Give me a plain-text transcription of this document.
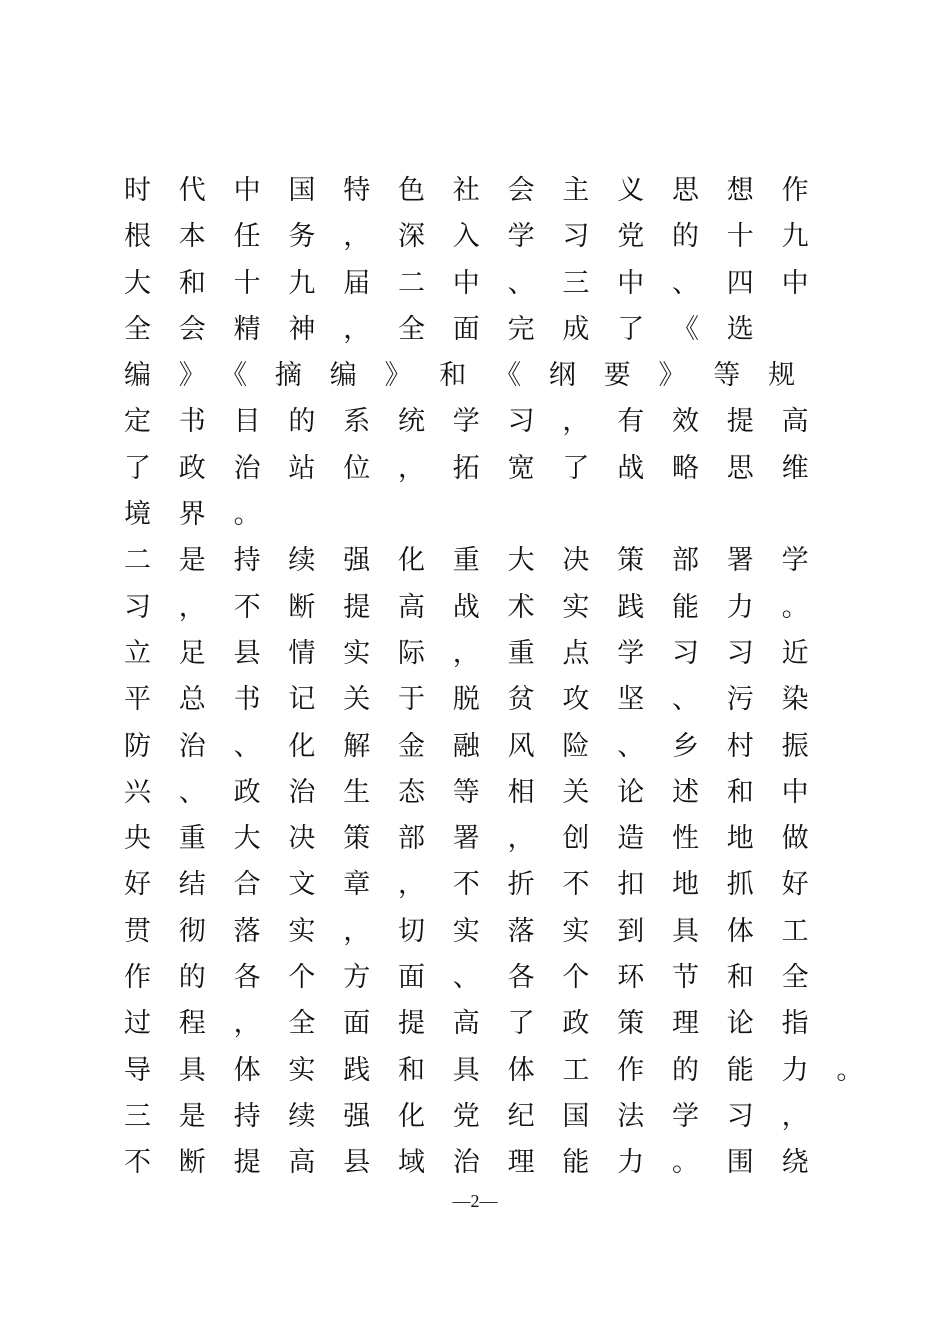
时代中国特色社会主义思想作
根本任务，深入学习党的十九
大和十九届二中、三中、四中
全会精神，全面完成了《选
编》《摘编》和《纲要》等规
定书目的系统学习，有效提高
了政治站位，拓宽了战略思维
境界。
二是持续强化重大决策部署学
习，不断提高战术实践能力。
立足县情实际，重点学习习近
平总书记关于脱贫攻坚、污染
防治、化解金融风险、乡村振
兴、政治生态等相关论述和中
央重大决策部署，创造性地做
好结合文章，不折不扣地抓好
贯彻落实，切实落实到具体工
作的各个方面、各个环节和全
过程，全面提高了政策理论指
导具体实践和具体工作的能力。
三是持续强化党纪国法学习，
不断提高县域治理能力。围绕
—2—
